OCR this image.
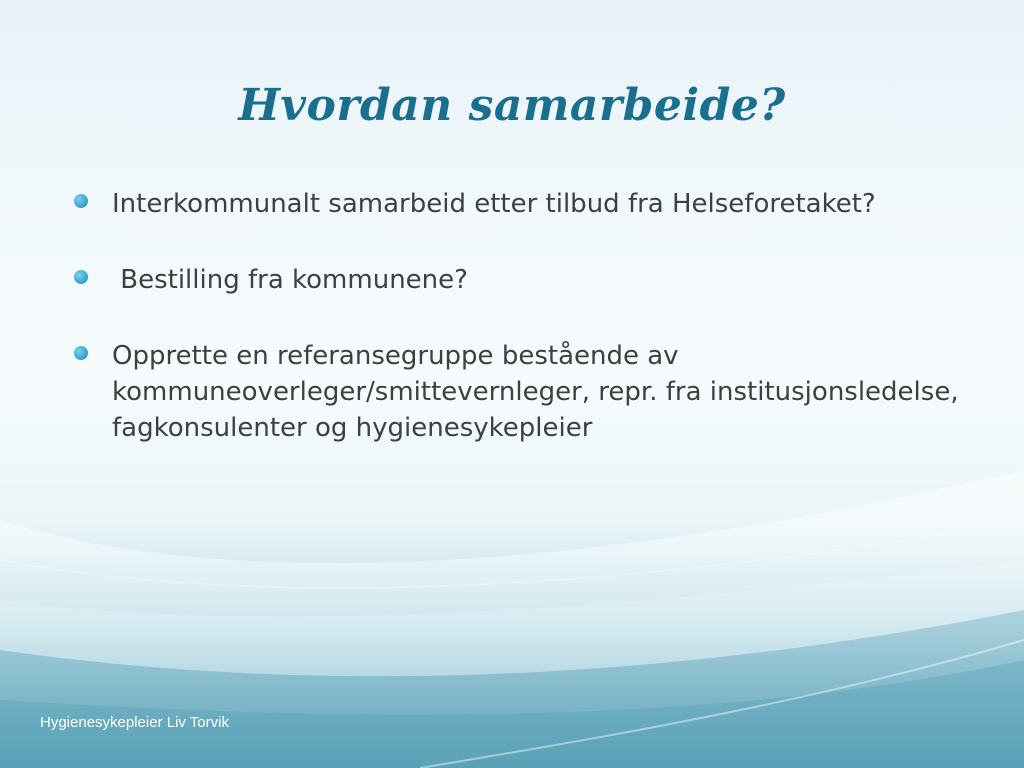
Hvordan samarbeide?
Interkommunalt samarbeid etter tilbud fra Helseforetaket?
Bestilling fra kommunene?
Opprette en referansegruppe bestående av kommuneoverleger/smittevernleger, repr. fra institusjonsledelse, fagkonsulenter og hygienesykepleier
Hygienesykepleier Liv Torvik
